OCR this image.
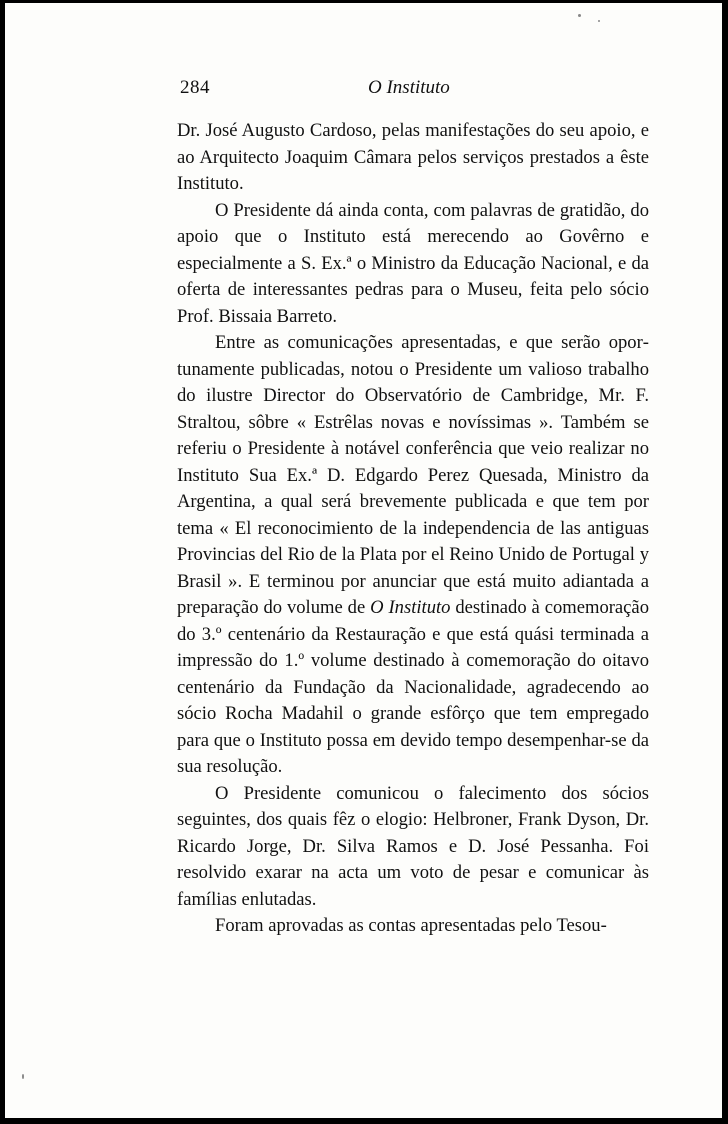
284	O Instituto

Dr. José Augusto Cardoso, pelas manifestações do seu apoio, e ao Arquitecto Joaquim Câmara pelos serviços prestados a êste Instituto.

O Presidente dá ainda conta, com palavras de gratidão, do apoio que o Instituto está merecendo ao Govêrno e especialmente a S. Ex.ª o Ministro da Educação Nacional, e da oferta de interessantes pedras para o Museu, feita pelo sócio Prof. Bissaia Barreto.

Entre as comunicações apresentadas, e que serão oportunamente publicadas, notou o Presidente um valioso trabalho do ilustre Director do Observatório de Cambridge, Mr. F. Straltou, sôbre « Estrêlas novas e novíssimas ». Também se referiu o Presidente à notável conferência que veio realizar no Instituto Sua Ex.ª D. Edgardo Perez Quesada, Ministro da Argentina, a qual será brevemente publicada e que tem por tema « El reconocimiento de la independencia de las antiguas Provincias del Rio de la Plata por el Reino Unido de Portugal y Brasil ». E terminou por anunciar que está muito adiantada a preparação do volume de O Instituto destinado à comemoração do 3.º centenário da Restauração e que está quási terminada a impressão do 1.º volume destinado à comemoração do oitavo centenário da Fundação da Nacionalidade, agradecendo ao sócio Rocha Madahil o grande esfôrço que tem empregado para que o Instituto possa em devido tempo desempenhar-se da sua resolução.

O Presidente comunicou o falecimento dos sócios seguintes, dos quais fêz o elogio: Helbroner, Frank Dyson, Dr. Ricardo Jorge, Dr. Silva Ramos e D. José Pessanha. Foi resolvido exarar na acta um voto de pesar e comunicar às famílias enlutadas.

Foram aprovadas as contas apresentadas pelo Tesou-
